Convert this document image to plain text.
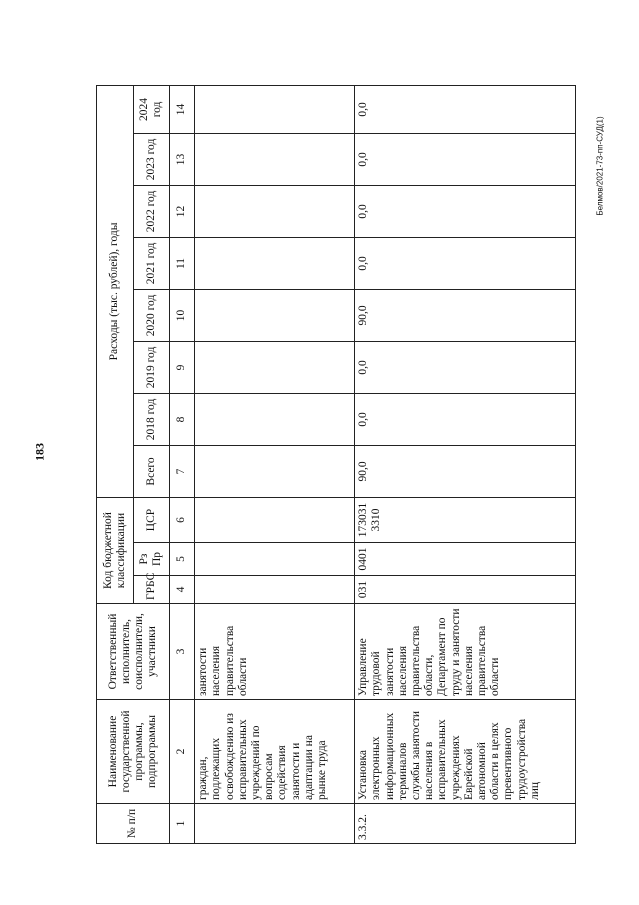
183
Белмов/2021-73-пп-СУД(1)
№ п/п	Наименование государственной программы, подпрограммы	Ответственный исполнитель, соисполнители, участники	Код бюджетной классификации			Расходы (тыс. рублей), годы							
			ГРБС	Рз Пр	ЦСР	Всего	2018 год	2019 год	2020 год	2021 год	2022 год	2023 год	2024 год

1	2	3	4	5	6	7	8	9	10	11	12	13	14
	граждан, подлежащих освобождению из исправительных учреждений по вопросам содействия занятости и адаптации на рынке труда	занятости населения правительства области											
3.3.2.	Установка электронных информационных терминалов службы занятости населения в исправительных учреждениях Еврейской автономной области в целях превентивного трудоустройства лиц	Управление трудовой занятости населения правительства области, Департамент по труду и занятости населения правительства области	031	0401	1730313310	90,0	0,0	0,0	90,0	0,0	0,0	0,0	0,0
